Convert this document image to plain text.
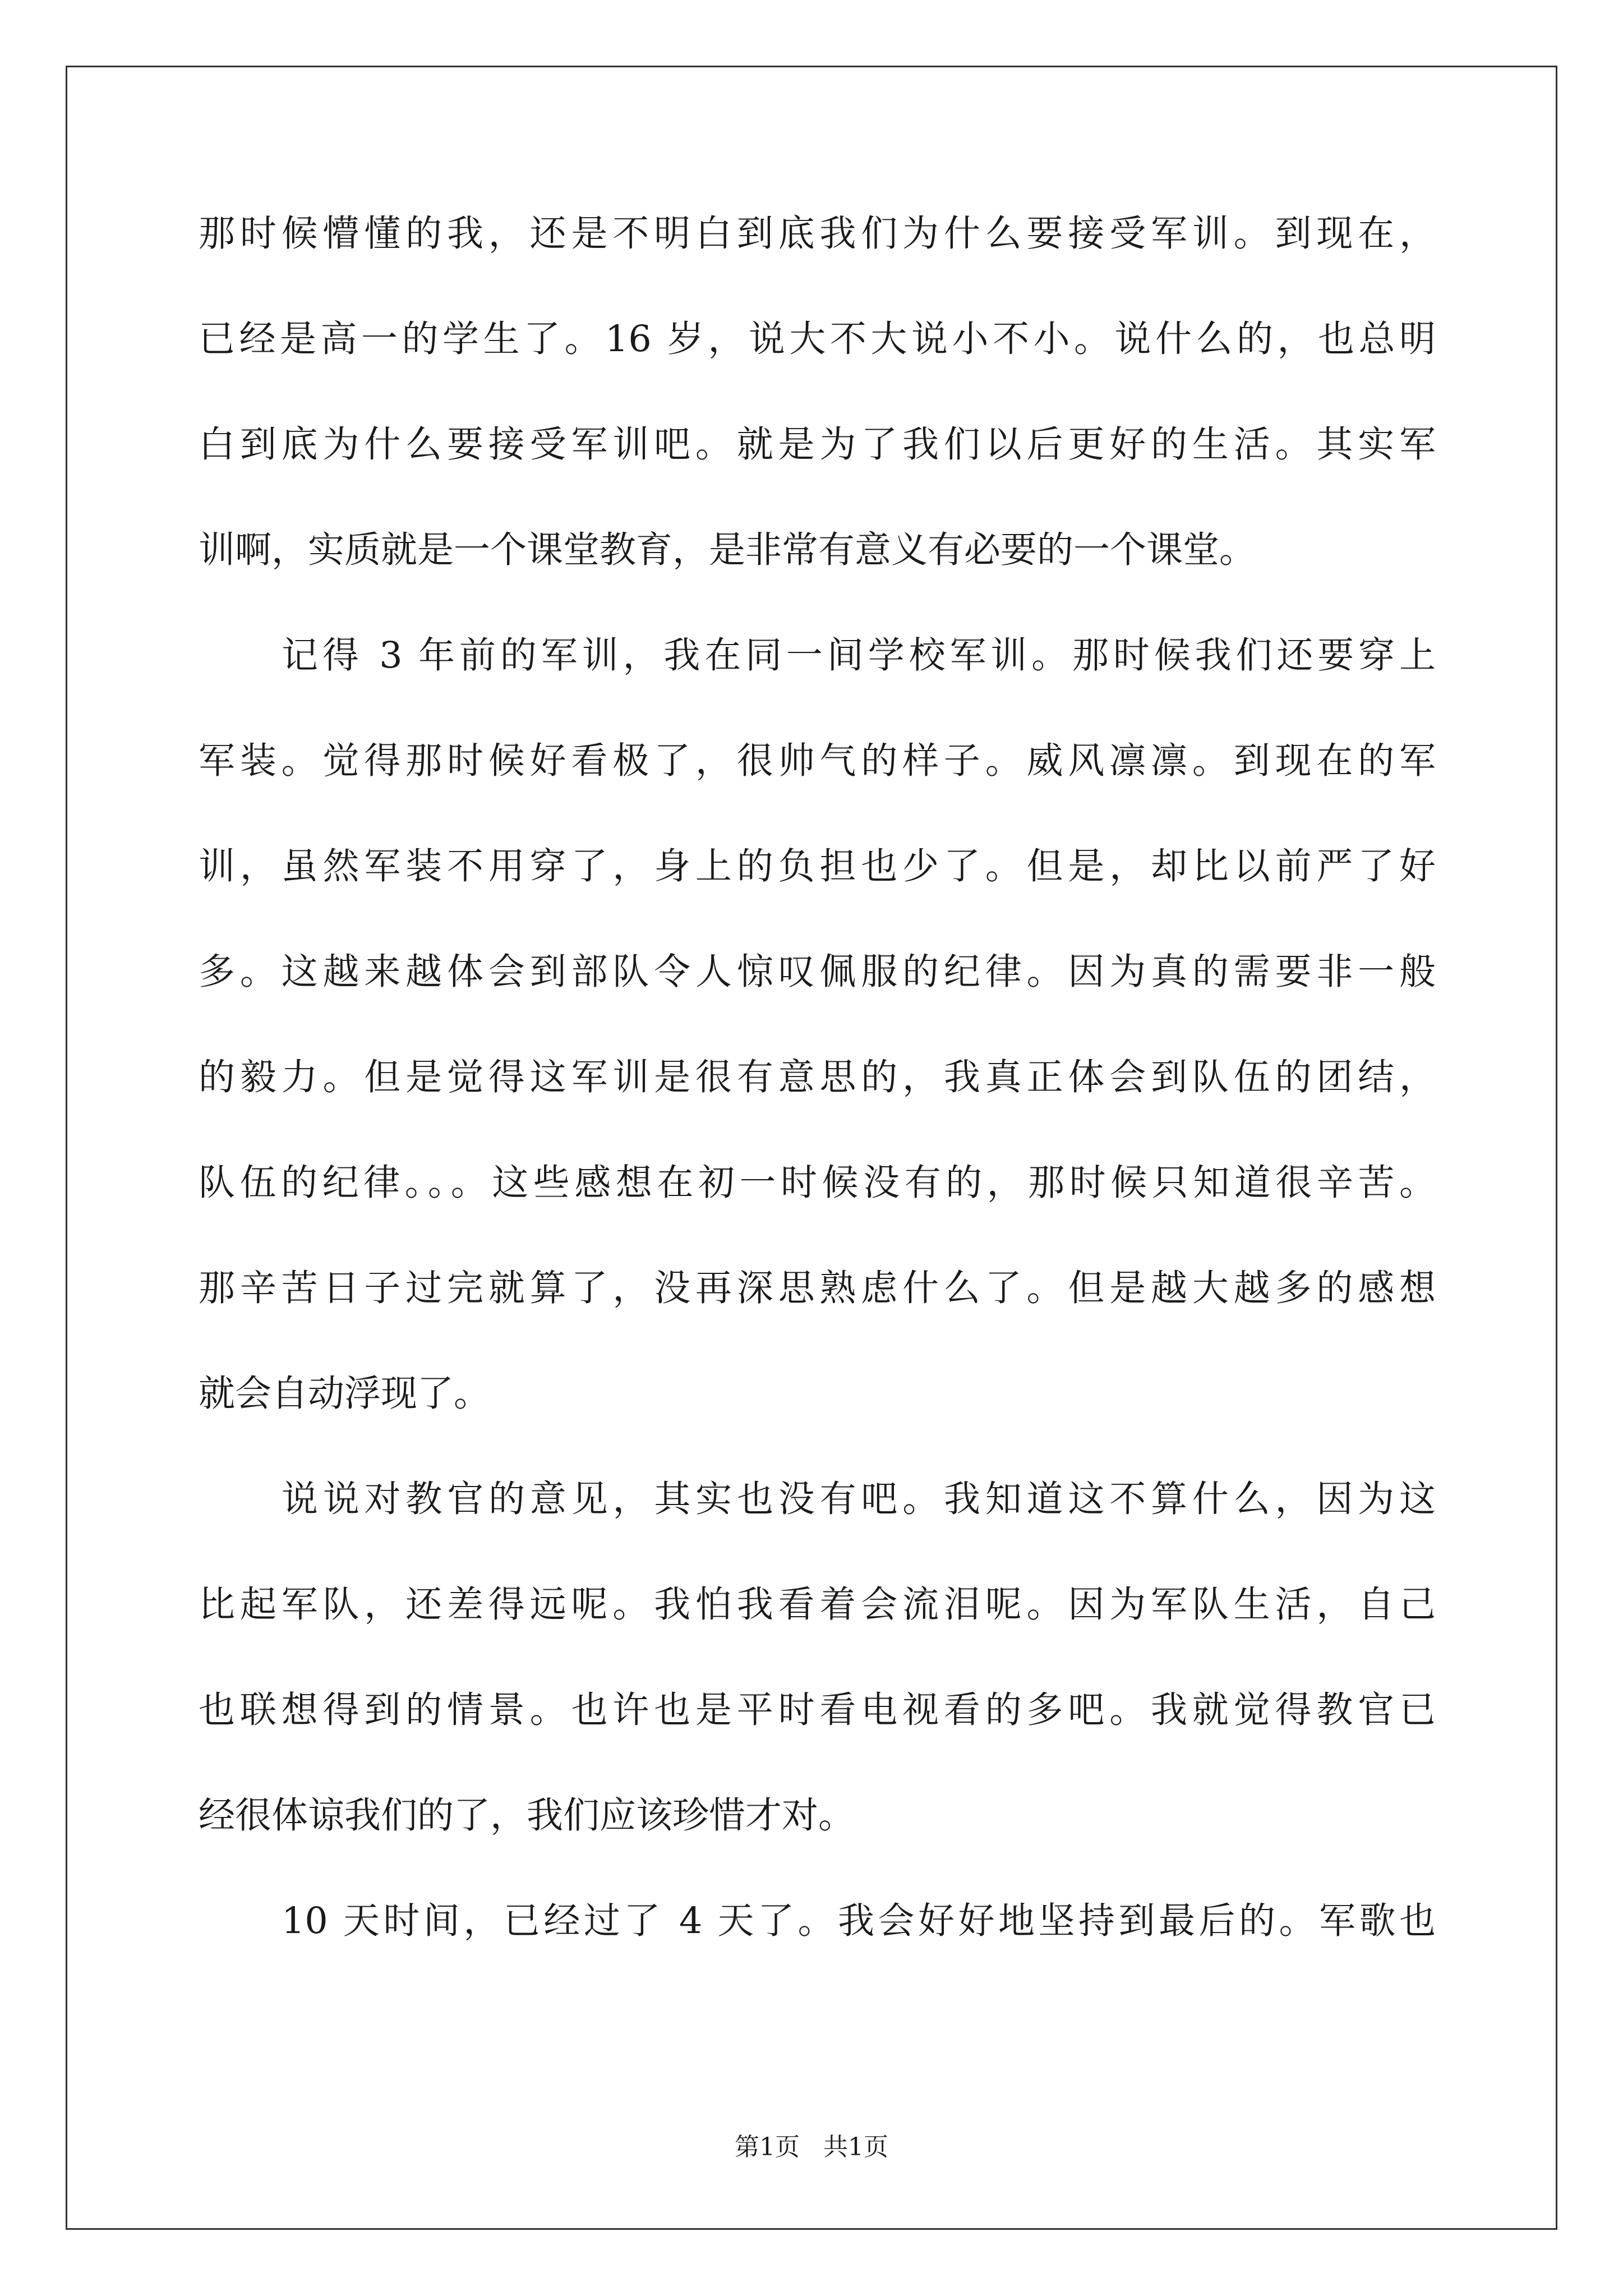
那时候懵懂的我，还是不明白到底我们为什么要接受军训。到现在，
已经是高一的学生了。16 岁，说大不大说小不小。说什么的，也总明
白到底为什么要接受军训吧。就是为了我们以后更好的生活。其实军
训啊，实质就是一个课堂教育，是非常有意义有必要的一个课堂。
记得 3 年前的军训，我在同一间学校军训。那时候我们还要穿上
军装。觉得那时候好看极了，很帅气的样子。威风凛凛。到现在的军
训，虽然军装不用穿了，身上的负担也少了。但是，却比以前严了好
多。这越来越体会到部队令人惊叹佩服的纪律。因为真的需要非一般
的毅力。但是觉得这军训是很有意思的，我真正体会到队伍的团结，
队伍的纪律。。。这些感想在初一时候没有的，那时候只知道很辛苦。
那辛苦日子过完就算了，没再深思熟虑什么了。但是越大越多的感想
就会自动浮现了。
说说对教官的意见，其实也没有吧。我知道这不算什么，因为这
比起军队，还差得远呢。我怕我看着会流泪呢。因为军队生活，自己
也联想得到的情景。也许也是平时看电视看的多吧。我就觉得教官已
经很体谅我们的了，我们应该珍惜才对。
10 天时间，已经过了 4 天了。我会好好地坚持到最后的。军歌也
第1页   共1页
